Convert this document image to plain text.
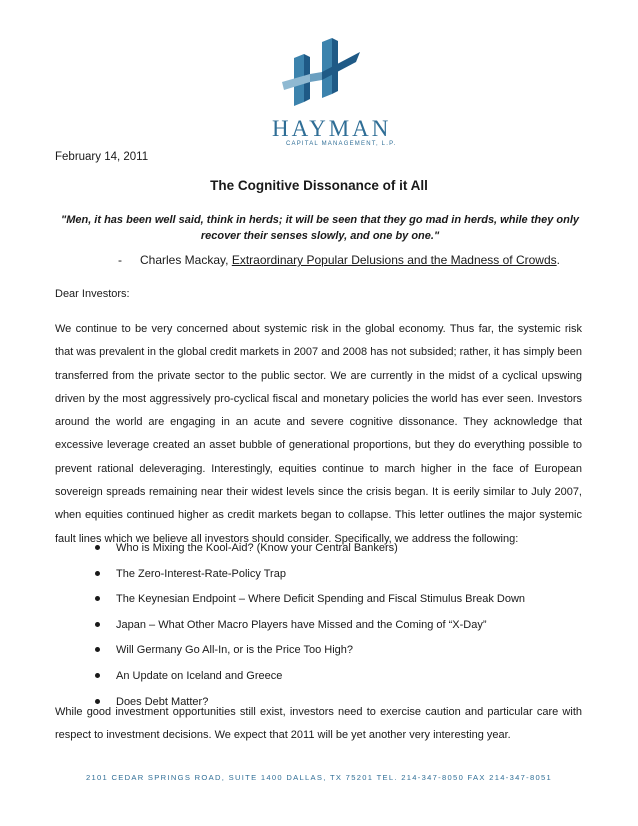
HAYMAN
CAPITAL MANAGEMENT, L.P.
February 14, 2011
The Cognitive Dissonance of it All
"Men, it has been well said, think in herds; it will be seen that they go mad in herds, while they only recover their senses slowly, and one by one."
- Charles Mackay, Extraordinary Popular Delusions and the Madness of Crowds.
Dear Investors:
We continue to be very concerned about systemic risk in the global economy. Thus far, the systemic risk that was prevalent in the global credit markets in 2007 and 2008 has not subsided; rather, it has simply been transferred from the private sector to the public sector. We are currently in the midst of a cyclical upswing driven by the most aggressively pro-cyclical fiscal and monetary policies the world has ever seen. Investors around the world are engaging in an acute and severe cognitive dissonance. They acknowledge that excessive leverage created an asset bubble of generational proportions, but they do everything possible to prevent rational deleveraging. Interestingly, equities continue to march higher in the face of European sovereign spreads remaining near their widest levels since the crisis began. It is eerily similar to July 2007, when equities continued higher as credit markets began to collapse. This letter outlines the major systemic fault lines which we believe all investors should consider. Specifically, we address the following:
Who is Mixing the Kool-Aid? (Know your Central Bankers)
The Zero-Interest-Rate-Policy Trap
The Keynesian Endpoint – Where Deficit Spending and Fiscal Stimulus Break Down
Japan – What Other Macro Players have Missed and the Coming of “X-Day”
Will Germany Go All-In, or is the Price Too High?
An Update on Iceland and Greece
Does Debt Matter?
While good investment opportunities still exist, investors need to exercise caution and particular care with respect to investment decisions. We expect that 2011 will be yet another very interesting year.
2101 CEDAR SPRINGS ROAD, SUITE 1400 DALLAS, TX 75201 TEL. 214-347-8050 FAX 214-347-8051
